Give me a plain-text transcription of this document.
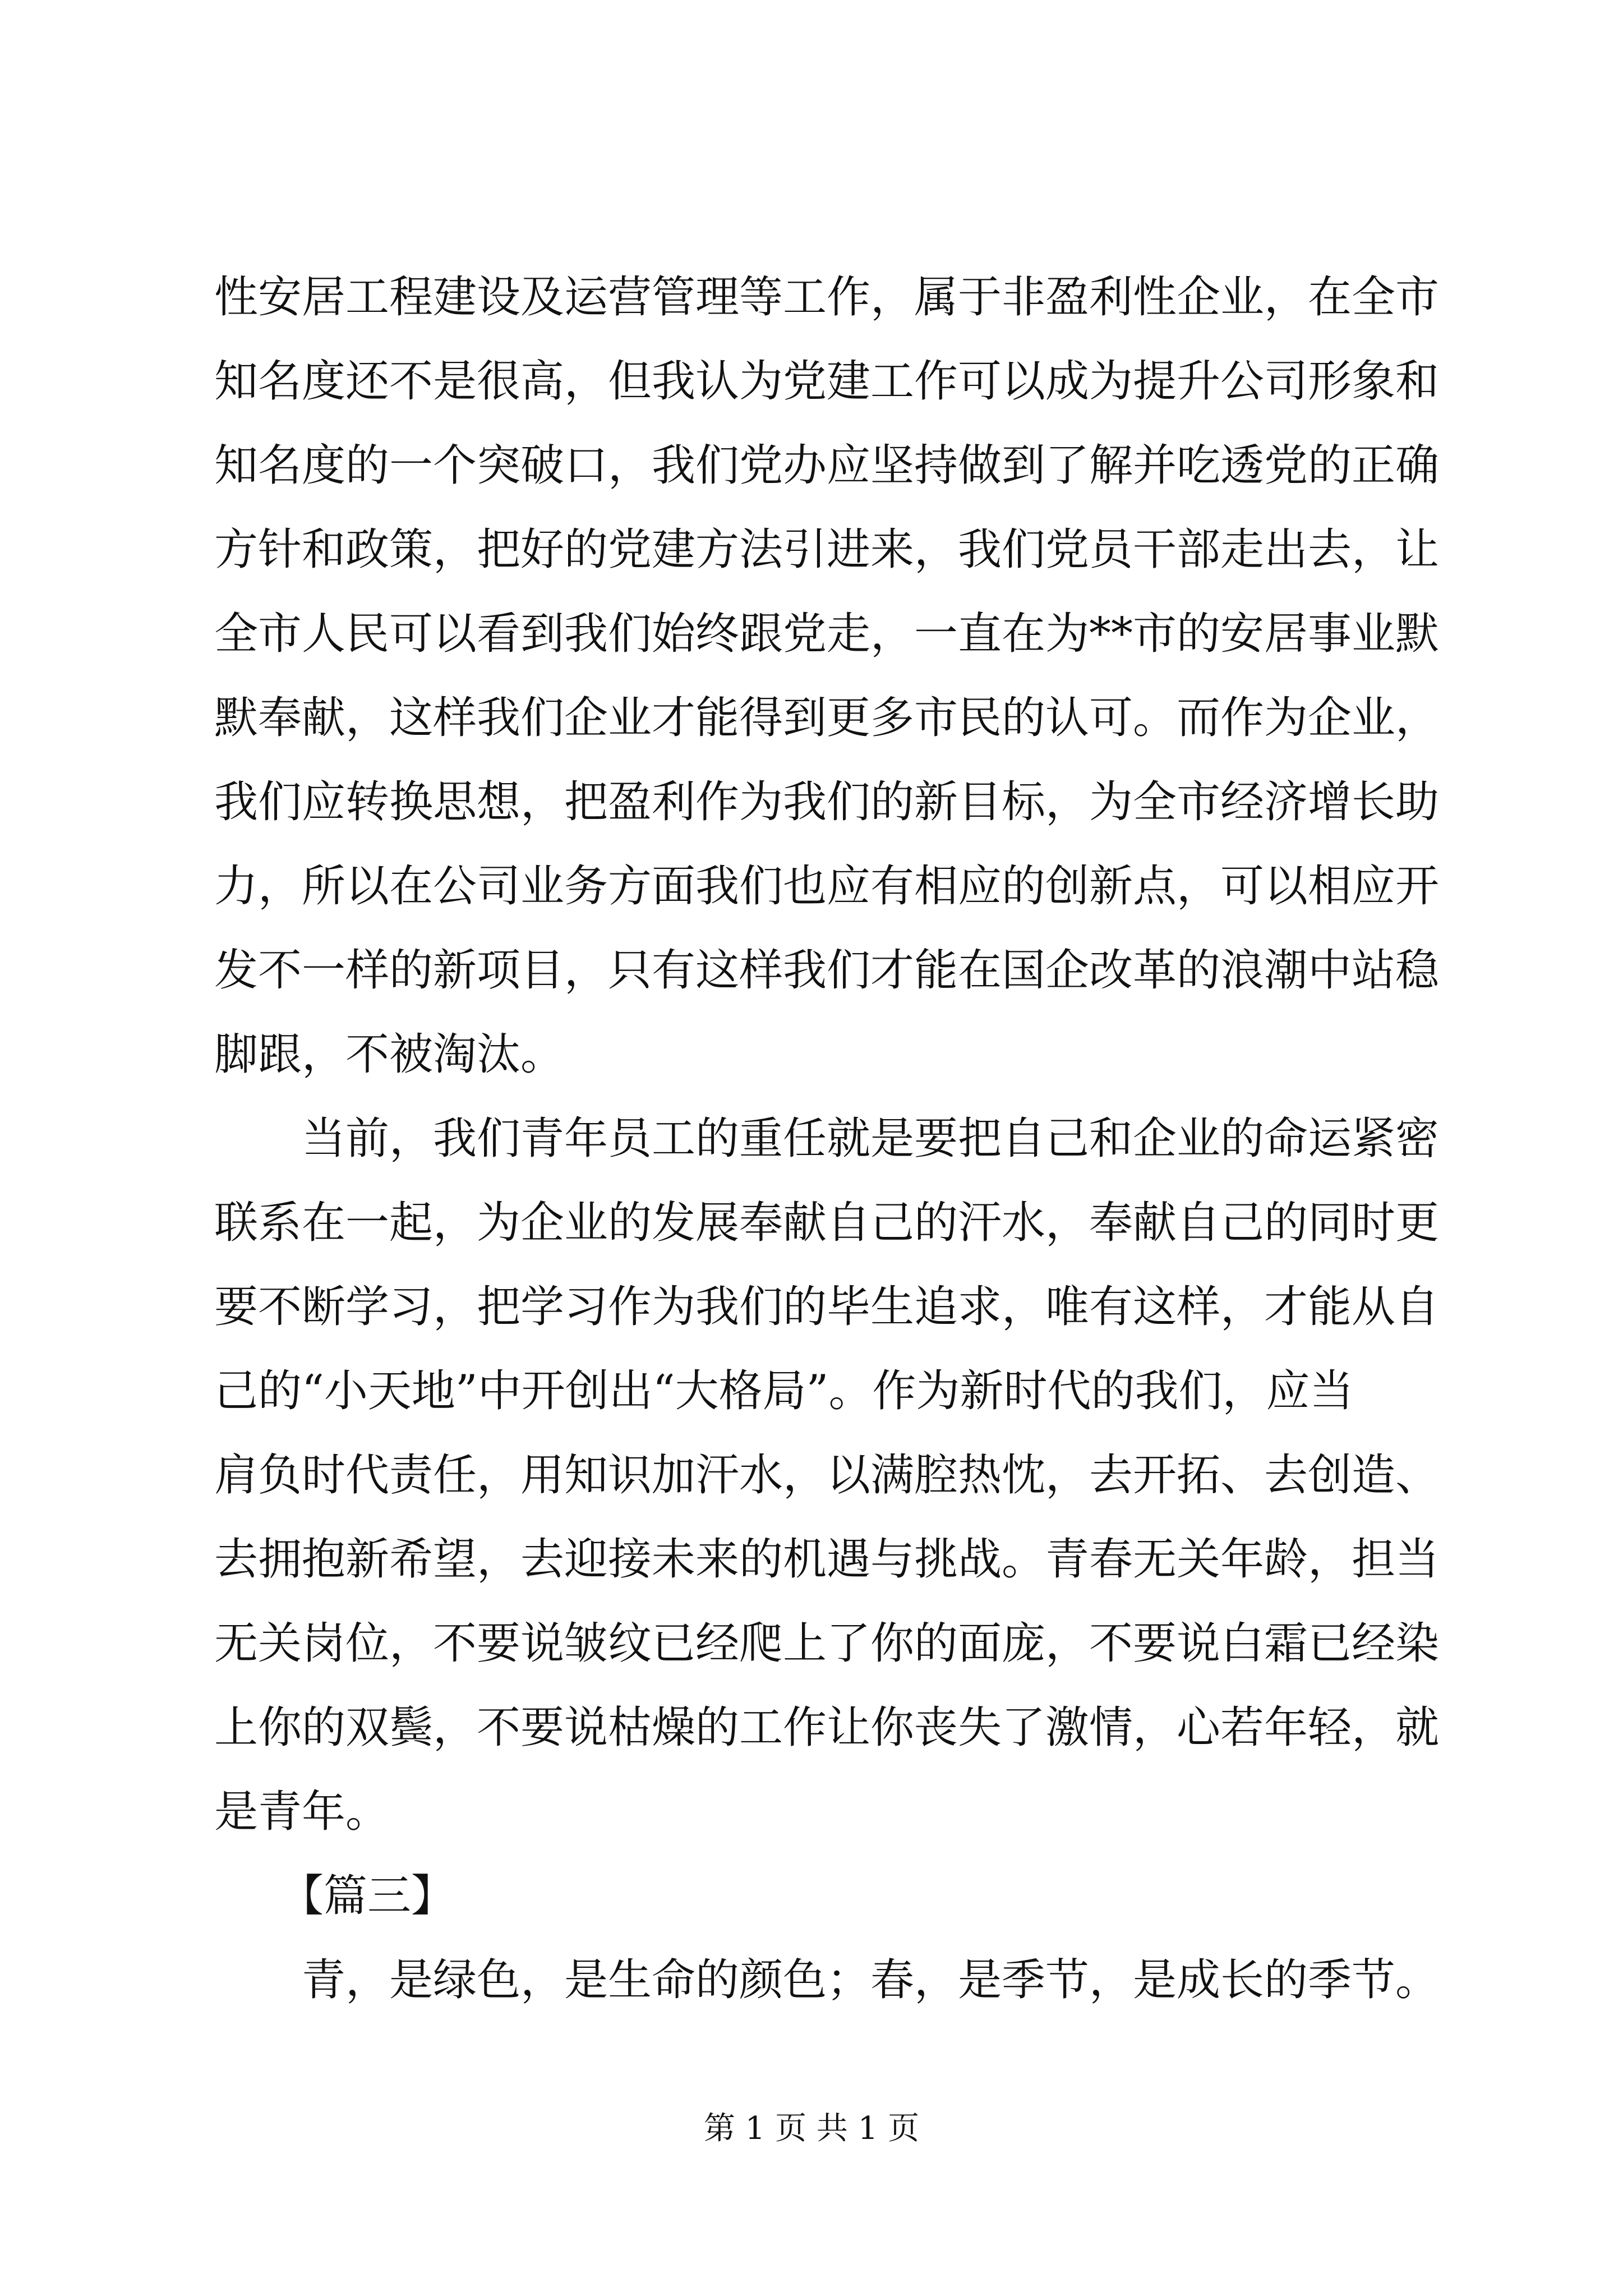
性安居工程建设及运营管理等工作，属于非盈利性企业，在全市
知名度还不是很高，但我认为党建工作可以成为提升公司形象和
知名度的一个突破口，我们党办应坚持做到了解并吃透党的正确
方针和政策，把好的党建方法引进来，我们党员干部走出去，让
全市人民可以看到我们始终跟党走，一直在为**市的安居事业默
默奉献，这样我们企业才能得到更多市民的认可。而作为企业，
我们应转换思想，把盈利作为我们的新目标，为全市经济增长助
力，所以在公司业务方面我们也应有相应的创新点，可以相应开
发不一样的新项目，只有这样我们才能在国企改革的浪潮中站稳
脚跟，不被淘汰。
　　当前，我们青年员工的重任就是要把自己和企业的命运紧密
联系在一起，为企业的发展奉献自己的汗水，奉献自己的同时更
要不断学习，把学习作为我们的毕生追求，唯有这样，才能从自
己的“小天地”中开创出“大格局”。作为新时代的我们，应当
肩负时代责任，用知识加汗水，以满腔热忱，去开拓、去创造、
去拥抱新希望，去迎接未来的机遇与挑战。青春无关年龄，担当
无关岗位，不要说皱纹已经爬上了你的面庞，不要说白霜已经染
上你的双鬓，不要说枯燥的工作让你丧失了激情，心若年轻，就
是青年。
　　【篇三】
　　青，是绿色，是生命的颜色；春，是季节，是成长的季节。
第 1 页 共 1 页
